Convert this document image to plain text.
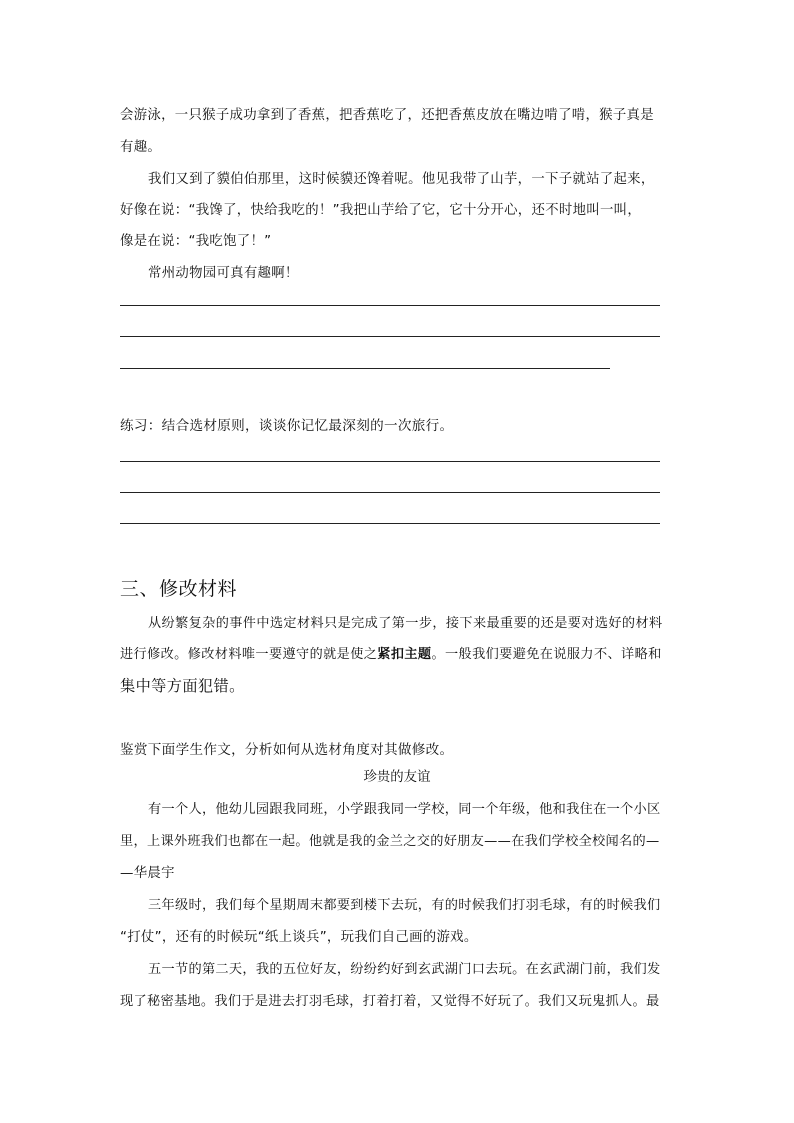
会游泳，一只猴子成功拿到了香蕉，把香蕉吃了，还把香蕉皮放在嘴边啃了啃，猴子真是
有趣。
我们又到了貘伯伯那里，这时候貘还馋着呢。他见我带了山芋，一下子就站了起来，
好像在说：“我馋了，快给我吃的！”我把山芋给了它，它十分开心，还不时地叫一叫，
像是在说：“我吃饱了！”
常州动物园可真有趣啊！
练习：结合选材原则，谈谈你记忆最深刻的一次旅行。
三、修改材料
从纷繁复杂的事件中选定材料只是完成了第一步，接下来最重要的还是要对选好的材料
进行修改。修改材料唯一要遵守的就是使之紧扣主题。一般我们要避免在说服力不、详略和
集中等方面犯错。
鉴赏下面学生作文，分析如何从选材角度对其做修改。
珍贵的友谊
有一个人，他幼儿园跟我同班，小学跟我同一学校，同一个年级，他和我住在一个小区
里，上课外班我们也都在一起。他就是我的金兰之交的好朋友——在我们学校全校闻名的—
—华晨宇
三年级时，我们每个星期周末都要到楼下去玩，有的时候我们打羽毛球，有的时候我们
“打仗”，还有的时候玩“纸上谈兵”，玩我们自己画的游戏。
五一节的第二天，我的五位好友，纷纷约好到玄武湖门口去玩。在玄武湖门前，我们发
现了秘密基地。我们于是进去打羽毛球，打着打着，又觉得不好玩了。我们又玩鬼抓人。最
